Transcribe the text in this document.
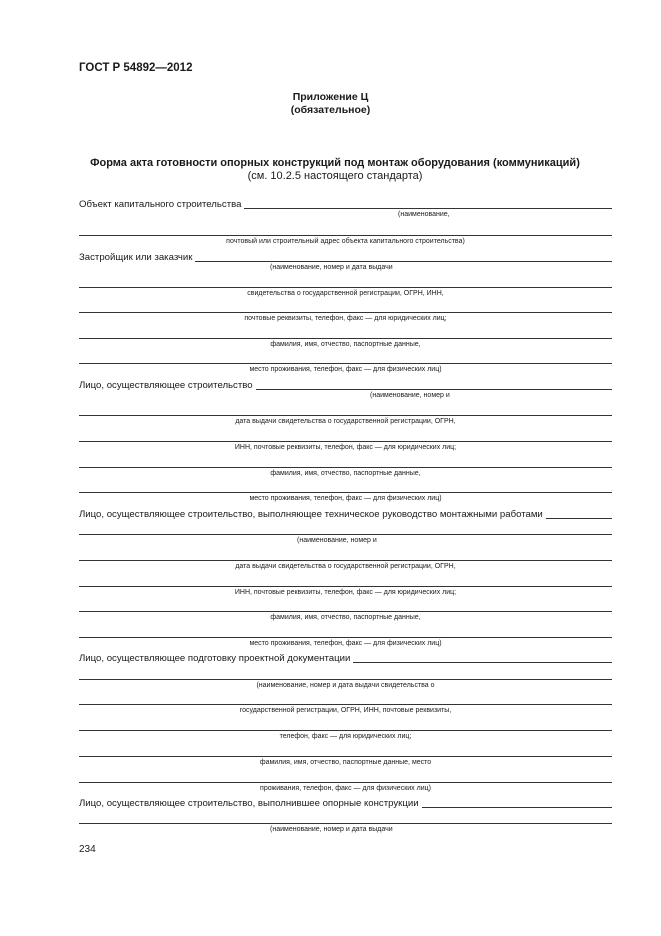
ГОСТ Р 54892—2012
Приложение Ц
(обязательное)
Форма акта готовности опорных конструкций под монтаж оборудования (коммуникаций)
(см. 10.2.5 настоящего стандарта)
Объект капитального строительства
(наименование,
почтовый или строительный адрес объекта капитального строительства)
Застройщик или заказчик
(наименование, номер и дата выдачи
свидетельства о государственной регистрации, ОГРН, ИНН,
почтовые реквизиты, телефон, факс — для юридических лиц;
фамилия, имя, отчество, паспортные данные,
место проживания, телефон, факс — для физических лиц)
Лицо, осуществляющее строительство
(наименование, номер и
дата выдачи свидетельства о государственной регистрации, ОГРН,
ИНН, почтовые реквизиты, телефон, факс — для юридических лиц;
фамилия, имя, отчество, паспортные данные,
место проживания, телефон, факс — для физических лиц)
Лицо, осуществляющее строительство, выполняющее техническое руководство монтажными работами
(наименование, номер и
дата выдачи свидетельства о государственной регистрации, ОГРН,
ИНН, почтовые реквизиты, телефон, факс — для юридических лиц;
фамилия, имя, отчество, паспортные данные,
место проживания, телефон, факс — для физических лиц)
Лицо, осуществляющее подготовку проектной документации
(наименование, номер и дата выдачи свидетельства о
государственной регистрации, ОГРН, ИНН, почтовые реквизиты,
телефон, факс — для юридических лиц;
фамилия, имя, отчество, паспортные данные, место
проживания, телефон, факс — для физических лиц)
Лицо, осуществляющее строительство, выполнившее опорные конструкции
(наименование, номер и дата выдачи
234
